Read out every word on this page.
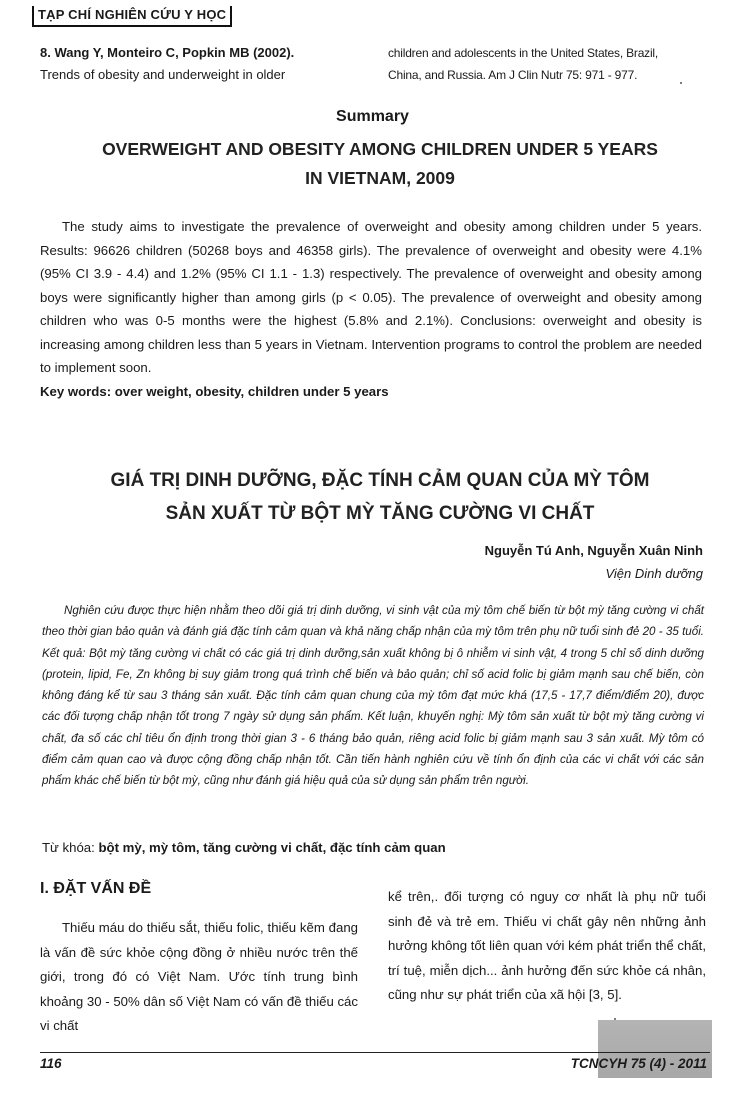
TẠP CHÍ NGHIÊN CỨU Y HỌC
8. Wang Y, Monteiro C, Popkin MB (2002).
Trends of obesity and underweight in older
children and adolescents in the United States, Brazil,
China, and Russia. Am J Clin Nutr 75: 971 - 977.
Summary
OVERWEIGHT AND OBESITY AMONG CHILDREN UNDER 5 YEARS
IN VIETNAM, 2009

The study aims to investigate the prevalence of overweight and obesity among children under 5 years. Results: 96626 children (50268 boys and 46358 girls). The prevalence of overweight and obesity were 4.1% (95% CI 3.9 - 4.4) and 1.2% (95% CI 1.1 - 1.3) respectively. The prevalence of overweight and obesity among boys were significantly higher than among girls (p < 0.05). The prevalence of overweight and obesity among children who was 0-5 months were the highest (5.8% and 2.1%). Conclusions: overweight and obesity is increasing among children less than 5 years in Vietnam. Intervention programs to control the problem are needed to implement soon.

Key words: over weight, obesity, children under 5 years
GIÁ TRỊ DINH DƯỠNG, ĐẶC TÍNH CẢM QUAN CỦA MỲ TÔM
SẢN XUẤT TỪ BỘT MỲ TĂNG CƯỜNG VI CHẤT
Nguyễn Tú Anh, Nguyễn Xuân Ninh
Viện Dinh dưỡng

Nghiên cứu được thực hiện nhằm theo dõi giá trị dinh dưỡng, vi sinh vật của mỳ tôm chế biến từ bột mỳ tăng cường vi chất theo thời gian bảo quản và đánh giá đặc tính cảm quan và khả năng chấp nhận của mỳ tôm trên phụ nữ tuổi sinh đẻ 20 - 35 tuổi. Kết quả: Bột mỳ tăng cường vi chất có các giá trị dinh dưỡng,sản xuất không bị ô nhiễm vi sinh vật, 4 trong 5 chỉ số dinh dưỡng (protein, lipid, Fe, Zn không bị suy giảm trong quá trình chế biến và bảo quản; chỉ số acid folic bị giảm mạnh sau chế biến, còn không đáng kể từ sau 3 tháng sản xuất. Đặc tính cảm quan chung của mỳ tôm đạt mức khá (17,5 - 17,7 điểm/điểm 20), được các đối tượng chấp nhận tốt trong 7 ngày sử dụng sản phẩm. Kết luận, khuyến nghị: Mỳ tôm sản xuất từ bột mỳ tăng cường vi chất, đa số các chỉ tiêu ổn định trong thời gian 3 - 6 tháng bảo quản, riêng acid folic bị giảm mạnh sau 3 sản xuất. Mỳ tôm có điểm cảm quan cao và được cộng đồng chấp nhận tốt. Cần tiến hành nghiên cứu về tính ổn định của các vi chất với các sản phẩm khác chế biến từ bột mỳ, cũng như đánh giá hiệu quả của sử dụng sản phẩm trên người.

Từ khóa: bột mỳ, mỳ tôm, tăng cường vi chất, đặc tính cảm quan
I. ĐẶT VẤN ĐỀ

Thiếu máu do thiếu sắt, thiếu folic, thiếu kẽm đang là vấn đề sức khỏe cộng đồng ở nhiều nước trên thế giới, trong đó có Việt Nam. Ước tính trung bình khoảng 30 - 50% dân số Việt Nam có vấn đề thiếu các vi chất

kể trên,. đối tượng có nguy cơ nhất là phụ nữ tuổi sinh đẻ và trẻ em. Thiếu vi chất gây nên những ảnh hưởng không tốt liên quan với kém phát triển thể chất, trí tuệ, miễn dịch... ảnh hưởng đến sức khỏe cá nhân, cũng như sự phát triển của xã hội [3, 5].

116	TCNCYH 75 (4) - 2011
